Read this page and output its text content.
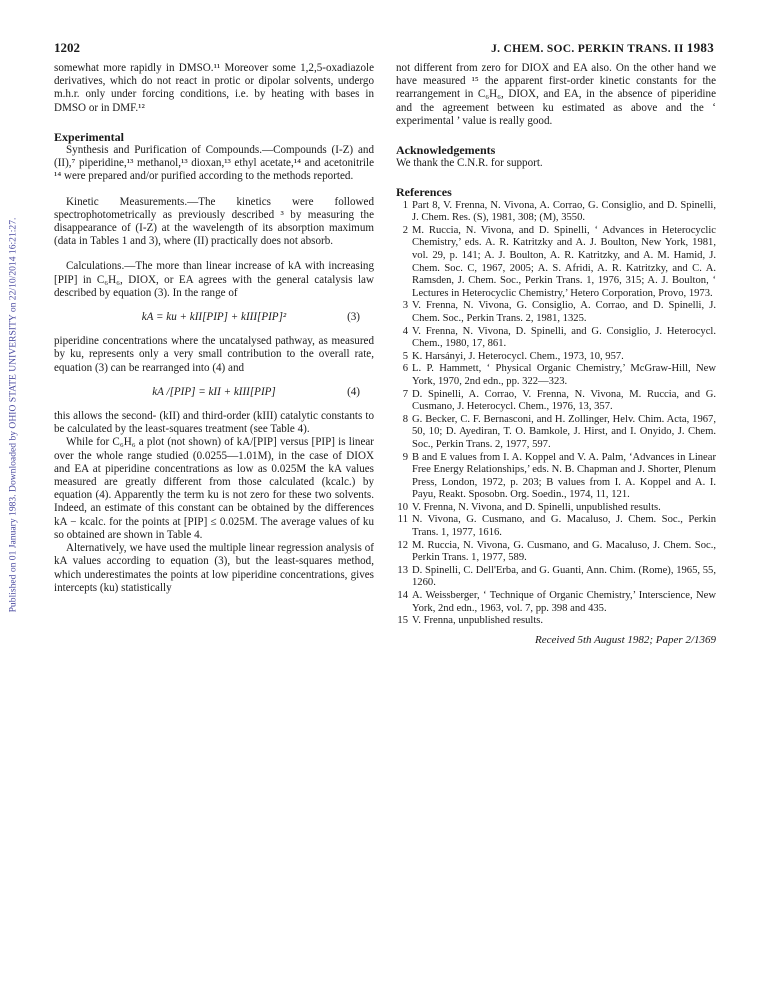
1202	J. CHEM. SOC. PERKIN TRANS. II 1983
Published on 01 January 1983. Downloaded by OHIO STATE UNIVERSITY on 22/10/2014 16:21:27.

somewhat more rapidly in DMSO.¹¹ Moreover some 1,2,5-oxadiazole derivatives, which do not react in protic or dipolar solvents, undergo m.h.r. only under forcing conditions, i.e. by heating with bases in DMSO or in DMF.¹²

Experimental

Synthesis and Purification of Compounds.—Compounds (I-Z) and (II),⁷ piperidine,¹³ methanol,¹³ dioxan,¹³ ethyl acetate,¹⁴ and acetonitrile ¹⁴ were prepared and/or purified according to the methods reported.

Kinetic Measurements.—The kinetics were followed spectrophotometrically as previously described ³ by measuring the disappearance of (I-Z) at the wavelength of its absorption maximum (data in Tables 1 and 3), where (II) practically does not absorb.

Calculations.—The more than linear increase of kA with increasing [PIP] in C₆H₆, DIOX, or EA agrees with the general catalysis law described by equation (3). In the range of

kA = ku + kII[PIP] + kIII[PIP]²	(3)

piperidine concentrations where the uncatalysed pathway, as measured by ku, represents only a very small contribution to the overall rate, equation (3) can be rearranged into (4) and

kA /[PIP] = kII + kIII[PIP]	(4)

this allows the second- (kII) and third-order (kIII) catalytic constants to be calculated by the least-squares treatment (see Table 4).

While for C₆H₆ a plot (not shown) of kA/[PIP] versus [PIP] is linear over the whole range studied (0.0255—1.01M), in the case of DIOX and EA at piperidine concentrations as low as 0.025M the kA values measured are greatly different from those calculated (kcalc.) by equation (4). Apparently the term ku is not zero for these two solvents. Indeed, an estimate of this constant can be obtained by the differences kA − kcalc. for the points at [PIP] ≤ 0.025M. The average values of ku so obtained are shown in Table 4.

Alternatively, we have used the multiple linear regression analysis of kA values according to equation (3), but the least-squares method, which underestimates the points at low piperidine concentrations, gives intercepts (ku) statistically

not different from zero for DIOX and EA also. On the other hand we have measured ¹⁵ the apparent first-order kinetic constants for the rearrangement in C₆H₆, DIOX, and EA, in the absence of piperidine and the agreement between ku estimated as above and the ‘ experimental ’ value is really good.

Acknowledgements

We thank the C.N.R. for support.

References
1 Part 8, V. Frenna, N. Vivona, A. Corrao, G. Consiglio, and D. Spinelli, J. Chem. Res. (S), 1981, 308; (M), 3550.
2 M. Ruccia, N. Vivona, and D. Spinelli, ‘ Advances in Heterocyclic Chemistry,’ eds. A. R. Katritzky and A. J. Boulton, New York, 1981, vol. 29, p. 141; A. J. Boulton, A. R. Katritzky, and A. M. Hamid, J. Chem. Soc. C, 1967, 2005; A. S. Afridi, A. R. Katritzky, and C. A. Ramsden, J. Chem. Soc., Perkin Trans. 1, 1976, 315; A. J. Boulton, ‘ Lectures in Heterocyclic Chemistry,’ Hetero Corporation, Provo, 1973.
3 V. Frenna, N. Vivona, G. Consiglio, A. Corrao, and D. Spinelli, J. Chem. Soc., Perkin Trans. 2, 1981, 1325.
4 V. Frenna, N. Vivona, D. Spinelli, and G. Consiglio, J. Heterocycl. Chem., 1980, 17, 861.
5 K. Harsányi, J. Heterocycl. Chem., 1973, 10, 957.
6 L. P. Hammett, ‘ Physical Organic Chemistry,’ McGraw-Hill, New York, 1970, 2nd edn., pp. 322—323.
7 D. Spinelli, A. Corrao, V. Frenna, N. Vivona, M. Ruccia, and G. Cusmano, J. Heterocycl. Chem., 1976, 13, 357.
8 G. Becker, C. F. Bernasconi, and H. Zollinger, Helv. Chim. Acta, 1967, 50, 10; D. Ayediran, T. O. Bamkole, J. Hirst, and I. Onyido, J. Chem. Soc., Perkin Trans. 2, 1977, 597.
9 B and E values from I. A. Koppel and V. A. Palm, ‘Advances in Linear Free Energy Relationships,’ eds. N. B. Chapman and J. Shorter, Plenum Press, London, 1972, p. 203; B values from I. A. Koppel and A. I. Payu, Reakt. Sposobn. Org. Soedin., 1974, 11, 121.
10 V. Frenna, N. Vivona, and D. Spinelli, unpublished results.
11 N. Vivona, G. Cusmano, and G. Macaluso, J. Chem. Soc., Perkin Trans. 1, 1977, 1616.
12 M. Ruccia, N. Vivona, G. Cusmano, and G. Macaluso, J. Chem. Soc., Perkin Trans. 1, 1977, 589.
13 D. Spinelli, C. Dell'Erba, and G. Guanti, Ann. Chim. (Rome), 1965, 55, 1260.
14 A. Weissberger, ‘ Technique of Organic Chemistry,’ Interscience, New York, 2nd edn., 1963, vol. 7, pp. 398 and 435.
15 V. Frenna, unpublished results.
Received 5th August 1982; Paper 2/1369
